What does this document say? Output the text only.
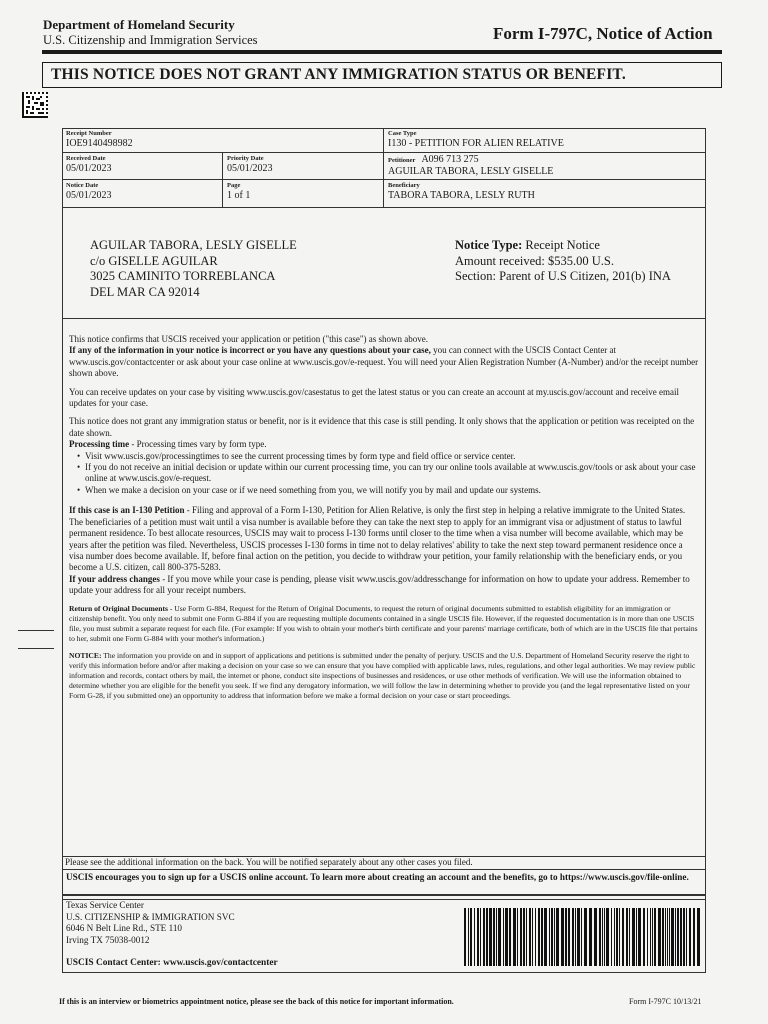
Department of Homeland Security
U.S. Citizenship and Immigration Services	Form I-797C, Notice of Action
THIS NOTICE DOES NOT GRANT ANY IMMIGRATION STATUS OR BENEFIT.
Receipt Number
IOE9140498982
Case Type
I130 - PETITION FOR ALIEN RELATIVE
Received Date
05/01/2023
Priority Date
05/01/2023
Petitioner A096 713 275
AGUILAR TABORA, LESLY GISELLE
Notice Date
05/01/2023
Page
1 of 1
Beneficiary
TABORA TABORA, LESLY RUTH
AGUILAR TABORA, LESLY GISELLE
c/o GISELLE AGUILAR
3025 CAMINITO TORREBLANCA
DEL MAR CA 92014
Notice Type: Receipt Notice
Amount received: $535.00 U.S.
Section: Parent of U.S Citizen, 201(b) INA

This notice confirms that USCIS received your application or petition ("this case") as shown above.

If any of the information in your notice is incorrect or you have any questions about your case, you can connect with the USCIS Contact Center at www.uscis.gov/contactcenter or ask about your case online at www.uscis.gov/e-request. You will need your Alien Registration Number (A-Number) and/or the receipt number shown above.

You can receive updates on your case by visiting www.uscis.gov/casestatus to get the latest status or you can create an account at my.uscis.gov/account and receive email updates for your case.

This notice does not grant any immigration status or benefit, nor is it evidence that this case is still pending. It only shows that the application or petition was receipted on the date shown.

Processing time - Processing times vary by form type.
• Visit www.uscis.gov/processingtimes to see the current processing times by form type and field office or service center.
• If you do not receive an initial decision or update within our current processing time, you can try our online tools available at www.uscis.gov/tools or ask about your case online at www.uscis.gov/e-request.
• When we make a decision on your case or if we need something from you, we will notify you by mail and update our systems.

If this case is an I-130 Petition - Filing and approval of a Form I-130, Petition for Alien Relative, is only the first step in helping a relative immigrate to the United States. The beneficiaries of a petition must wait until a visa number is available before they can take the next step to apply for an immigrant visa or adjustment of status to lawful permanent residence. To best allocate resources, USCIS may wait to process I-130 forms until closer to the time when a visa number will become available, which may be years after the petition was filed. Nevertheless, USCIS processes I-130 forms in time not to delay relatives' ability to take the next step toward permanent residence once a visa number does become available. If, before final action on the petition, you decide to withdraw your petition, your family relationship with the beneficiary ends, or you become a U.S. citizen, call 800-375-5283.

If your address changes - If you move while your case is pending, please visit www.uscis.gov/addresschange for information on how to update your address. Remember to update your address for all your receipt numbers.

Return of Original Documents - Use Form G-884, Request for the Return of Original Documents, to request the return of original documents submitted to establish eligibility for an immigration or citizenship benefit. You only need to submit one Form G-884 if you are requesting multiple documents contained in a single USCIS file. However, if the requested documentation is in more than one USCIS file, you must submit a separate request for each file. (For example: If you wish to obtain your mother's birth certificate and your parents' marriage certificate, both of which are in the USCIS file that pertains to her, submit one Form G-884 with your mother's information.)

NOTICE: The information you provide on and in support of applications and petitions is submitted under the penalty of perjury. USCIS and the U.S. Department of Homeland Security reserve the right to verify this information before and/or after making a decision on your case so we can ensure that you have complied with applicable laws, rules, regulations, and other legal authorities. We may review public information and records, contact others by mail, the internet or phone, conduct site inspections of businesses and residences, or use other methods of verification. We will use the information obtained to determine whether you are eligible for the benefit you seek. If we find any derogatory information, we will follow the law in determining whether to provide you (and the legal representative listed on your Form G-28, if you submitted one) an opportunity to address that information before we make a formal decision on your case or start proceedings.

Please see the additional information on the back. You will be notified separately about any other cases you filed.
USCIS encourages you to sign up for a USCIS online account. To learn more about creating an account and the benefits, go to https://www.uscis.gov/file-online.
Texas Service Center
U.S. CITIZENSHIP & IMMIGRATION SVC
6046 N Belt Line Rd., STE 110
Irving TX 75038-0012
USCIS Contact Center: www.uscis.gov/contactcenter
If this is an interview or biometrics appointment notice, please see the back of this notice for important information.	Form I-797C 10/13/21
